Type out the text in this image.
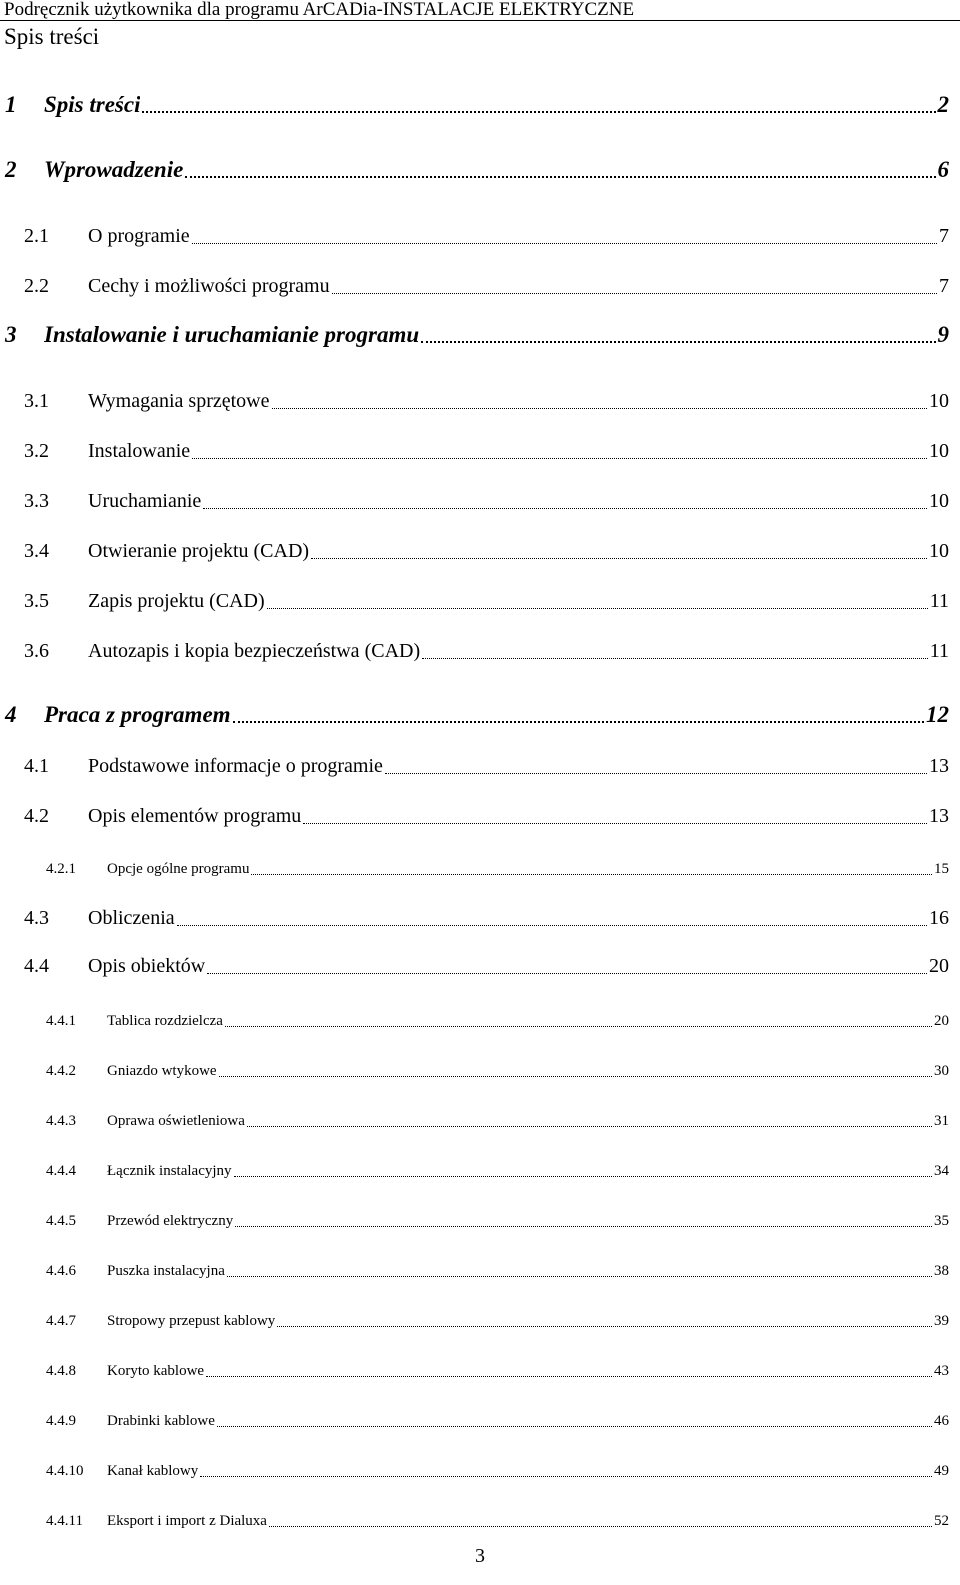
Podręcznik użytkownika dla programu ArCADia-INSTALACJE ELEKTRYCZNE
Spis treści
1 Spis treści	2
2 Wprowadzenie	6
2.1 O programie	7
2.2 Cechy i możliwości programu	7
3 Instalowanie i uruchamianie programu	9
3.1 Wymagania sprzętowe	10
3.2 Instalowanie	10
3.3 Uruchamianie	10
3.4 Otwieranie projektu (CAD)	10
3.5 Zapis projektu (CAD)	11
3.6 Autozapis i kopia bezpieczeństwa (CAD)	11
4 Praca z programem	12
4.1 Podstawowe informacje o programie	13
4.2 Opis elementów programu	13
4.2.1 Opcje ogólne programu	15
4.3 Obliczenia	16
4.4 Opis obiektów	20
4.4.1 Tablica rozdzielcza	20
4.4.2 Gniazdo wtykowe	30
4.4.3 Oprawa oświetleniowa	31
4.4.4 Łącznik instalacyjny	34
4.4.5 Przewód elektryczny	35
4.4.6 Puszka instalacyjna	38
4.4.7 Stropowy przepust kablowy	39
4.4.8 Koryto kablowe	43
4.4.9 Drabinki kablowe	46
4.4.10 Kanał kablowy	49
4.4.11 Eksport i import z Dialuxa	52
3
